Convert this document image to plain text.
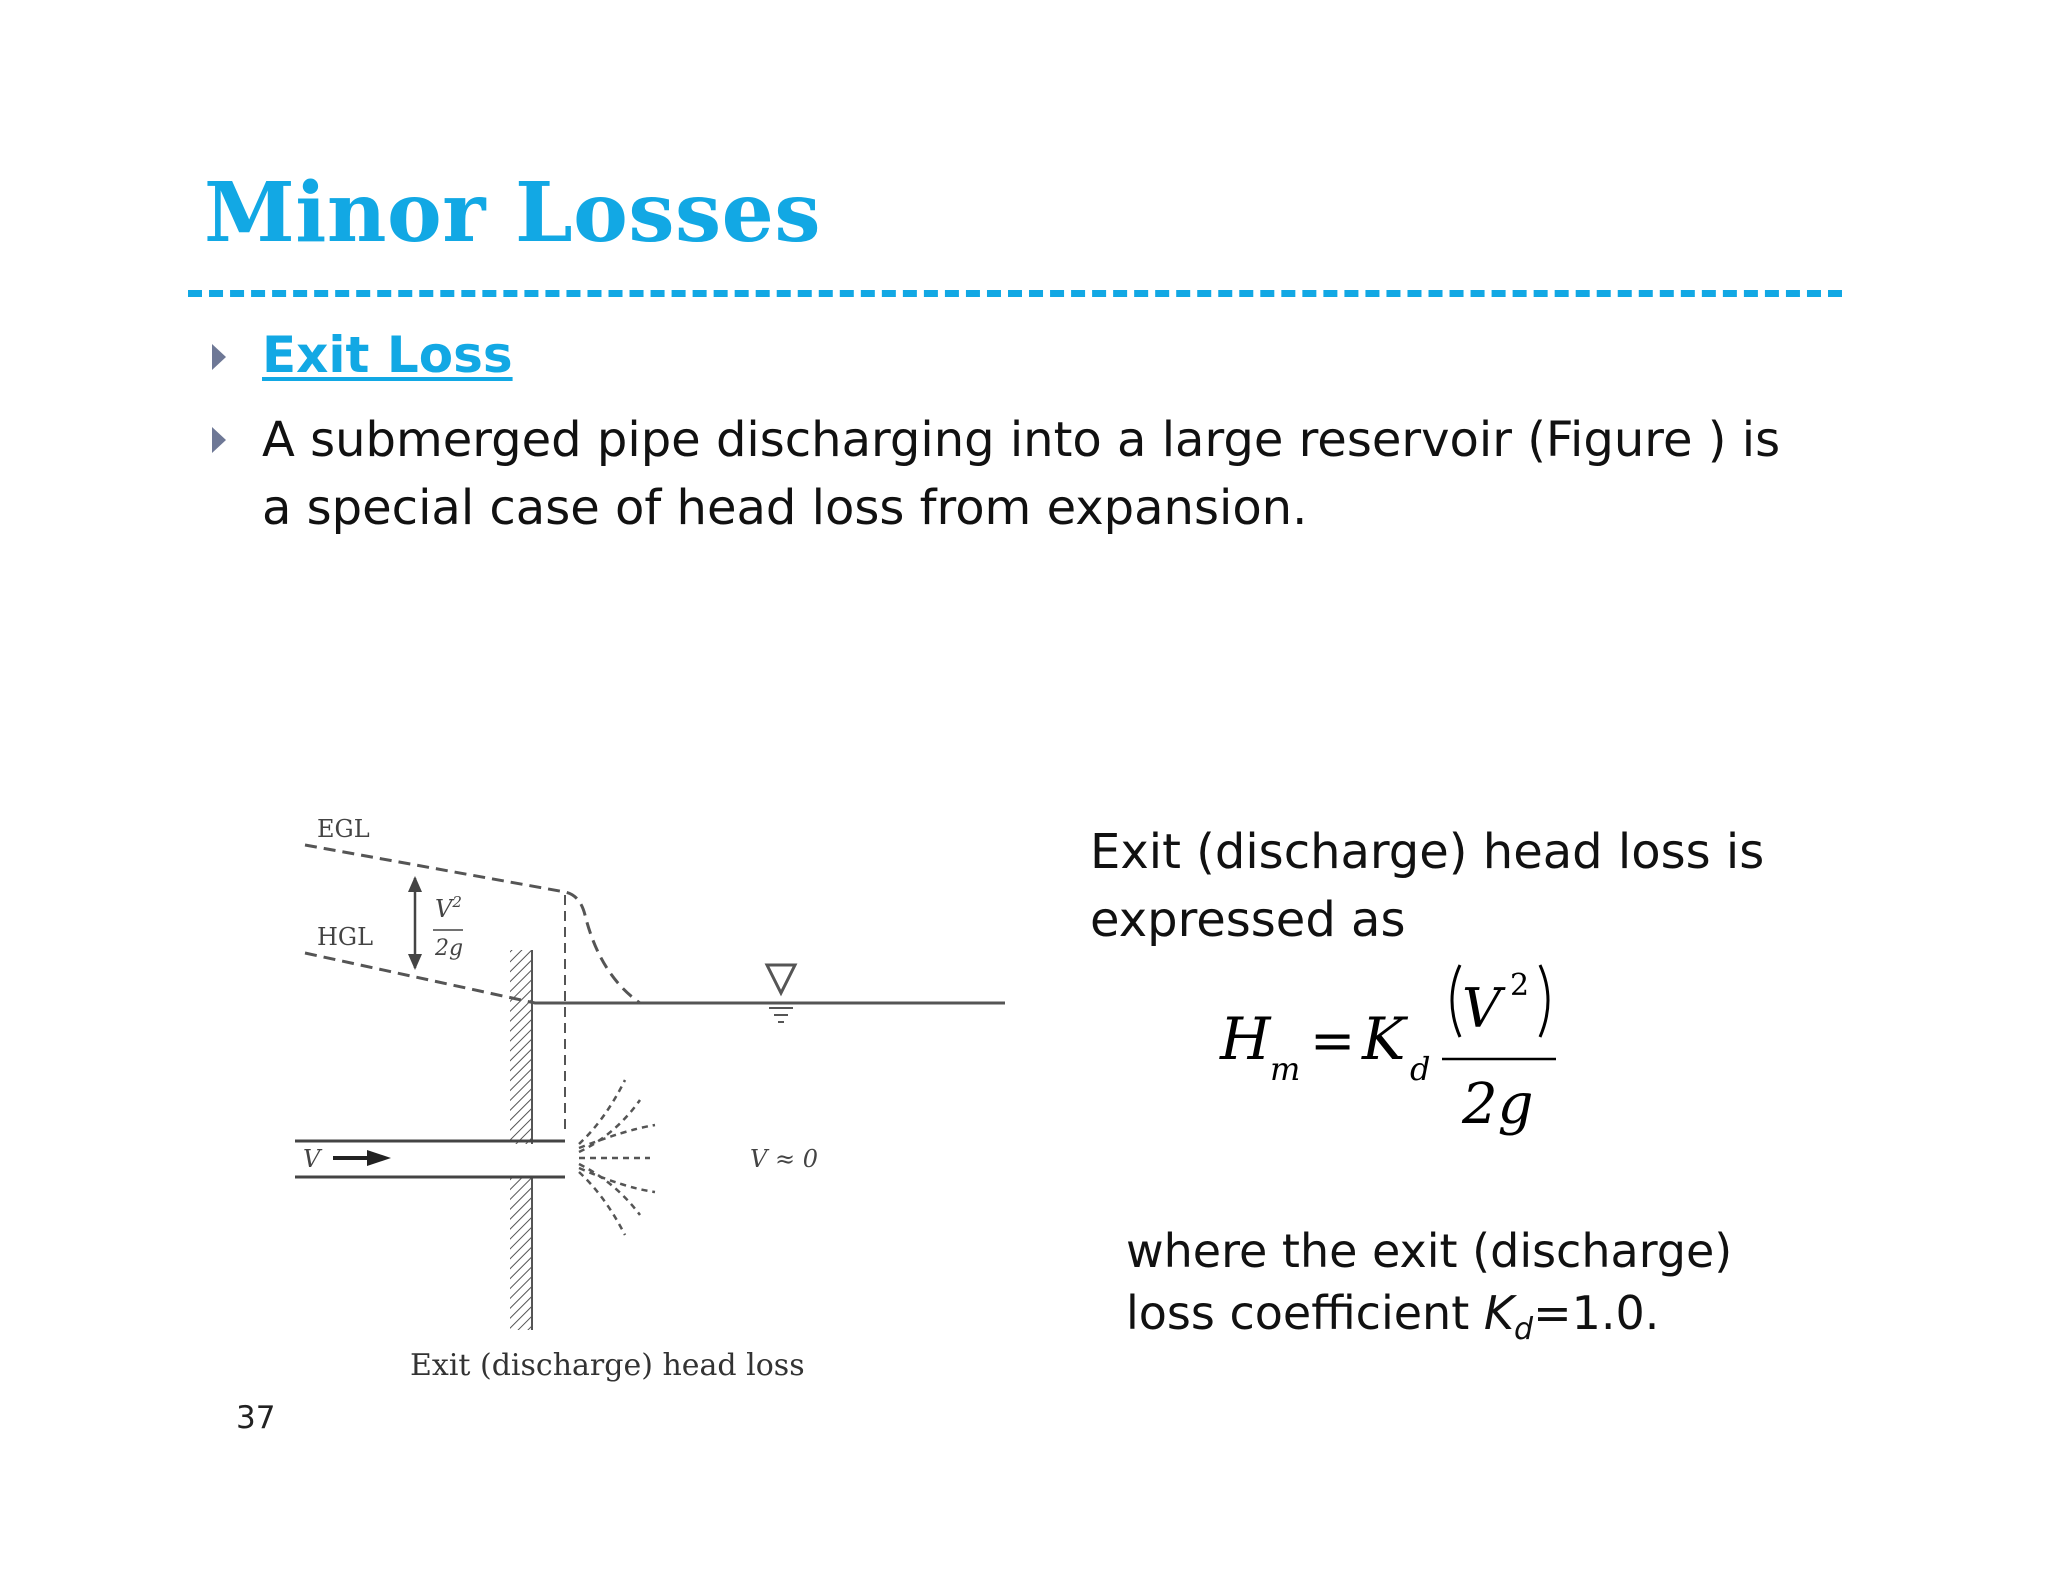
Minor Losses
Exit Loss

A submerged pipe discharging into a large reservoir (Figure ) is a special case of head loss from expansion.

EGL
HGL
$V^2$
2g
V	V ≈ 0
Exit (discharge) head loss
37

Exit (discharge) head loss is expressed as

H m = K d
V 2
2g

where the exit (discharge) loss coefficient $K_d=1.0$.
